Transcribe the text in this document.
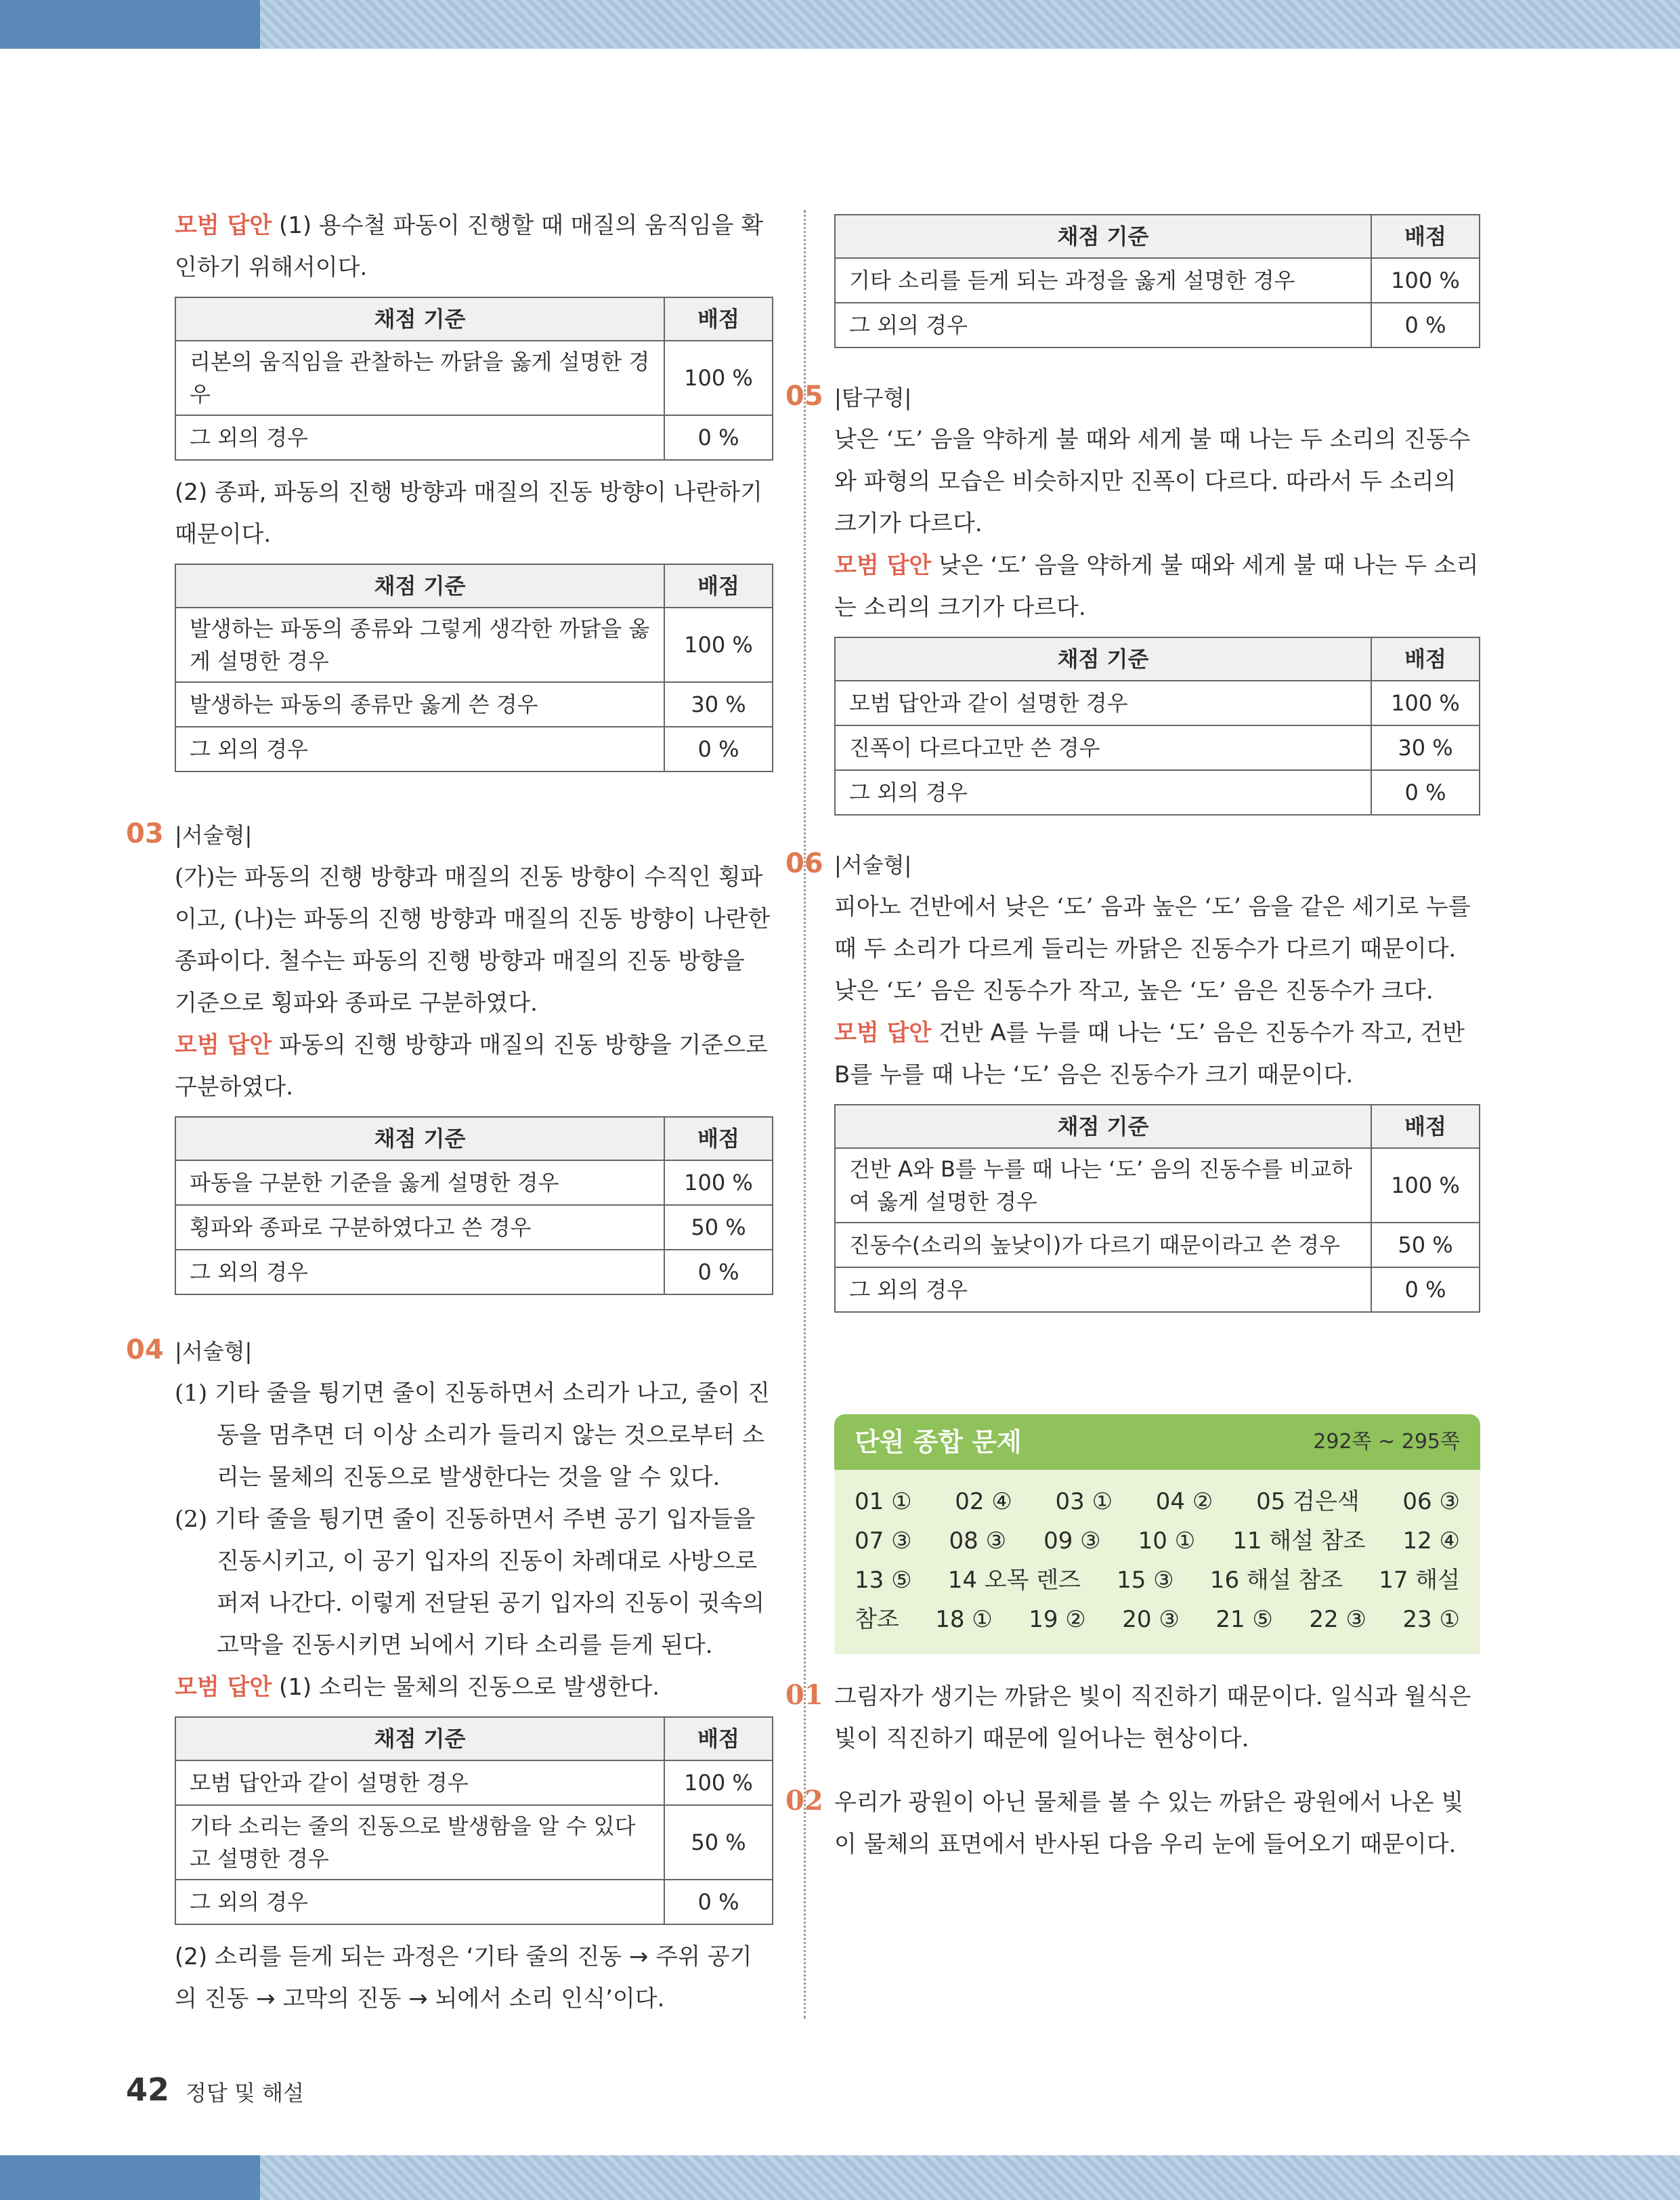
모범 답안 (1) 용수철 파동이 진행할 때 매질의 움직임을 확인하기 위해서이다.

채점 기준	배점
리본의 움직임을 관찰하는 까닭을 옳게 설명한 경우	100 %
그 외의 경우	0 %

(2) 종파, 파동의 진행 방향과 매질의 진동 방향이 나란하기 때문이다.

채점 기준	배점
발생하는 파동의 종류와 그렇게 생각한 까닭을 옳게 설명한 경우	100 %
발생하는 파동의 종류만 옳게 쓴 경우	30 %
그 외의 경우	0 %
03 |서술형|

(가)는 파동의 진행 방향과 매질의 진동 방향이 수직인 횡파이고, (나)는 파동의 진행 방향과 매질의 진동 방향이 나란한 종파이다. 철수는 파동의 진행 방향과 매질의 진동 방향을 기준으로 횡파와 종파로 구분하였다.

모범 답안 파동의 진행 방향과 매질의 진동 방향을 기준으로 구분하였다.

채점 기준	배점
파동을 구분한 기준을 옳게 설명한 경우	100 %
횡파와 종파로 구분하였다고 쓴 경우	50 %
그 외의 경우	0 %
04 |서술형|

(1) 기타 줄을 튕기면 줄이 진동하면서 소리가 나고, 줄이 진동을 멈추면 더 이상 소리가 들리지 않는 것으로부터 소리는 물체의 진동으로 발생한다는 것을 알 수 있다.

(2) 기타 줄을 튕기면 줄이 진동하면서 주변 공기 입자들을 진동시키고, 이 공기 입자의 진동이 차례대로 사방으로 퍼져 나간다. 이렇게 전달된 공기 입자의 진동이 귓속의 고막을 진동시키면 뇌에서 기타 소리를 듣게 된다.

모범 답안 (1) 소리는 물체의 진동으로 발생한다.

채점 기준	배점
모범 답안과 같이 설명한 경우	100 %
기타 소리는 줄의 진동으로 발생함을 알 수 있다고 설명한 경우	50 %
그 외의 경우	0 %

(2) 소리를 듣게 되는 과정은 ‘기타 줄의 진동 → 주위 공기의 진동 → 고막의 진동 → 뇌에서 소리 인식’이다.

채점 기준	배점
기타 소리를 듣게 되는 과정을 옳게 설명한 경우	100 %
그 외의 경우	0 %
05 |탐구형|

낮은 ‘도’ 음을 약하게 불 때와 세게 불 때 나는 두 소리의 진동수와 파형의 모습은 비슷하지만 진폭이 다르다. 따라서 두 소리의 크기가 다르다.

모범 답안 낮은 ‘도’ 음을 약하게 불 때와 세게 불 때 나는 두 소리는 소리의 크기가 다르다.

채점 기준	배점
모범 답안과 같이 설명한 경우	100 %
진폭이 다르다고만 쓴 경우	30 %
그 외의 경우	0 %
06 |서술형|

피아노 건반에서 낮은 ‘도’ 음과 높은 ‘도’ 음을 같은 세기로 누를 때 두 소리가 다르게 들리는 까닭은 진동수가 다르기 때문이다. 낮은 ‘도’ 음은 진동수가 작고, 높은 ‘도’ 음은 진동수가 크다.

모범 답안 건반 A를 누를 때 나는 ‘도’ 음은 진동수가 작고, 건반 B를 누를 때 나는 ‘도’ 음은 진동수가 크기 때문이다.

채점 기준	배점
건반 A와 B를 누를 때 나는 ‘도’ 음의 진동수를 비교하여 옳게 설명한 경우	100 %
진동수(소리의 높낮이)가 다르기 때문이라고 쓴 경우	50 %
그 외의 경우	0 %
단원 종합 문제	292쪽 ~ 295쪽
01 ① 02 ④ 03 ① 04 ② 05 검은색 06 ③
07 ③ 08 ③ 09 ③ 10 ① 11 해설 참조 12 ④
13 ⑤ 14 오목 렌즈 15 ③ 16 해설 참조 17 해설
참조 18 ① 19 ② 20 ③ 21 ⑤ 22 ③ 23 ①

01 그림자가 생기는 까닭은 빛이 직진하기 때문이다. 일식과 월식은 빛이 직진하기 때문에 일어나는 현상이다.

02 우리가 광원이 아닌 물체를 볼 수 있는 까닭은 광원에서 나온 빛이 물체의 표면에서 반사된 다음 우리 눈에 들어오기 때문이다.

42 정답 및 해설
